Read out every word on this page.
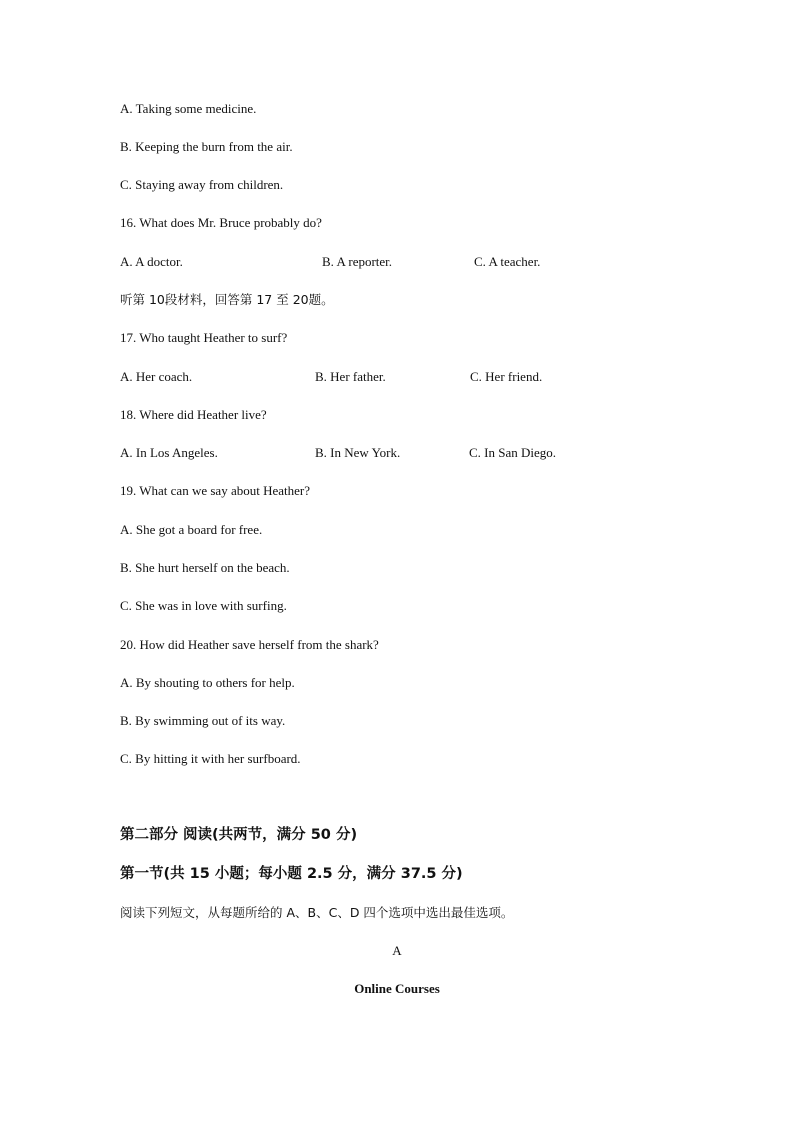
A. Taking some medicine.
B. Keeping the burn from the air.
C. Staying away from children.
16. What does Mr. Bruce probably do?
A. A doctor.	B. A reporter.	C. A teacher.
听第 10段材料，回答第 17 至 20题。
17. Who taught Heather to surf?
A. Her coach.	B. Her father.	C. Her friend.
18. Where did Heather live?
A. In Los Angeles.	B. In New York.	C. In San Diego.
19. What can we say about Heather?
A. She got a board for free.
B. She hurt herself on the beach.
C. She was in love with surfing.
20. How did Heather save herself from the shark?
A. By shouting to others for help.
B. By swimming out of its way.
C. By hitting it with her surfboard.
第二部分 阅读(共两节，满分 50 分)
第一节(共 15 小题；每小题 2.5 分，满分 37.5 分)
阅读下列短文，从每题所给的 A、B、C、D 四个选项中选出最佳选项。
A
Online Courses
